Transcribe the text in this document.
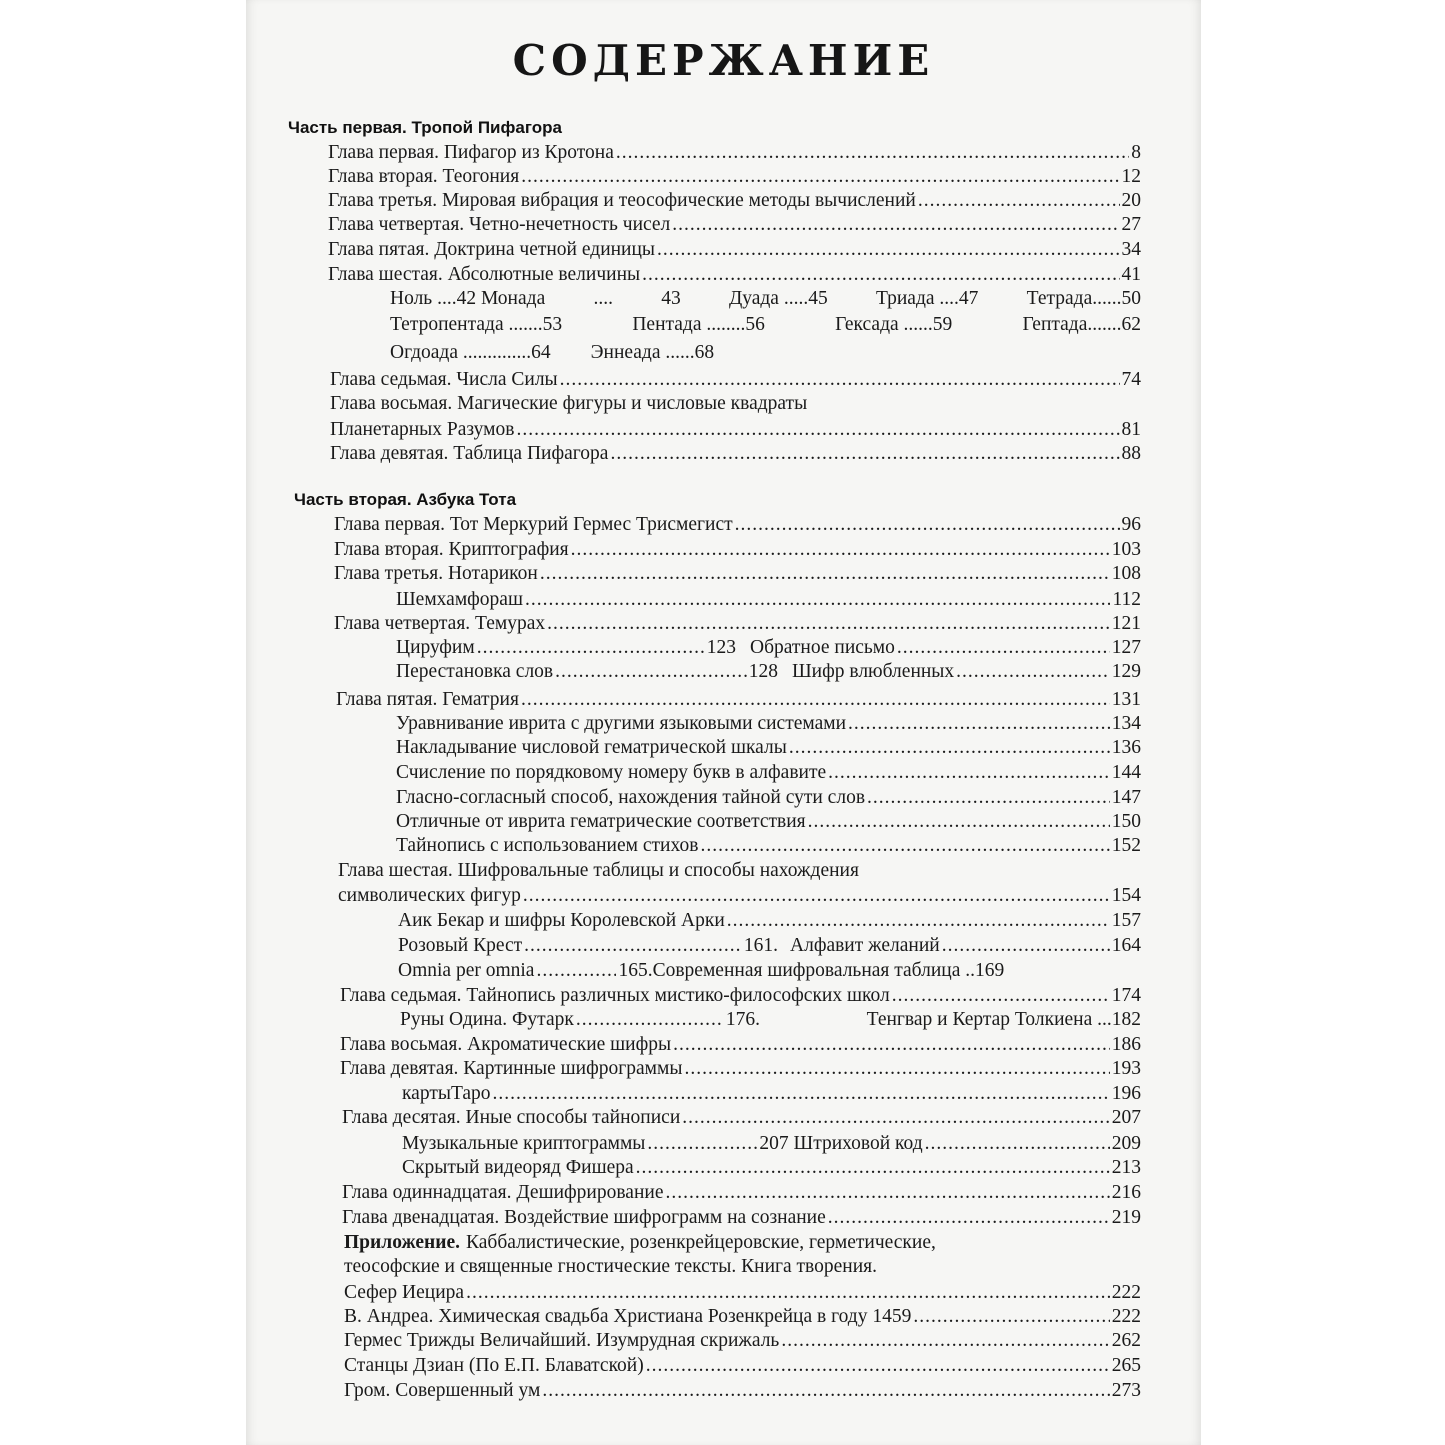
СОДЕРЖАНИЕ
Часть первая. Тропой Пифагора
Глава первая. Пифагор из Кротона .....	8
Глава вторая. Теогония .....	12
Глава третья. Мировая вибрация и теософические методы вычислений .....	20
Глава четвертая. Четно-нечетность чисел .....	27
Глава пятая. Доктрина четной единицы .....	34
Глава шестая. Абсолютные величины .....	41
Ноль ....42 Монада .... 43 Дуада .....45 Триада ....47 Тетрада......50
Тетропентада .......53	Пентада ........56	Гексада ......59	Гептада.......62
Огдоада ..............64 Эннеада ......68
Глава седьмая. Числа Силы .....	74
Глава восьмая. Магические фигуры и числовые квадраты
Планетарных Разумов .....	81
Глава девятая. Таблица Пифагора .....	88
Часть вторая. Азбука Тота
Глава первая. Тот Меркурий Гермес Трисмегист .....	96
Глава вторая. Криптография .....	103
Глава третья. Нотарикон .....	108
Шемхамфораш .....	112
Глава четвертая. Темурах .....	121
Цируфим .....	123 Обратное письмо .....	127
Перестановка слов .....	128 Шифр влюбленных .....	129
Глава пятая. Гематрия .....	131
Уравнивание иврита с другими языковыми системами .....	134
Накладывание числовой гематрической шкалы .....	136
Счисление по порядковому номеру букв в алфавите .....	144
Гласно-согласный способ, нахождения тайной сути слов .....	147
Отличные от иврита гематрические соответствия .....	150
Тайнопись с использованием стихов .....	152
Глава шестая. Шифровальные таблицы и способы нахождения
символических фигур .....	154
Аик Бекар и шифры Королевской Арки .....	157
Розовый Крест .....	161. Алфавит желаний .....	164
Omnia per omnia .....	165.Современная шифровальная таблица ..169
Глава седьмая. Тайнопись различных мистико-философских школ .....	174
Руны Одина. Футарк .....	176.	Тенгвар и Кертар Толкиена ...182
Глава восьмая. Акроматические шифры .....	186
Глава девятая. Картинные шифрограммы .....	193
картыТаро .....	196
Глава десятая. Иные способы тайнописи .....	207
Музыкальные криптограммы .....	207 Штриховой код .....	209
Скрытый видеоряд Фишера .....	213
Глава одиннадцатая. Дешифрирование .....	216
Глава двенадцатая. Воздействие шифрограмм на сознание .....	219
Приложение. Каббалистические, розенкрейцеровские, герметические,
теософские и священные гностические тексты. Книга творения.
Сефер Иецира .....	222
В. Андреа. Химическая свадьба Христиана Розенкрейца в году 1459 .....	222
Гермес Трижды Величайший. Изумрудная скрижаль .....	262
Станцы Дзиан (По Е.П. Блаватской) .....	265
Гром. Совершенный ум .....	273
